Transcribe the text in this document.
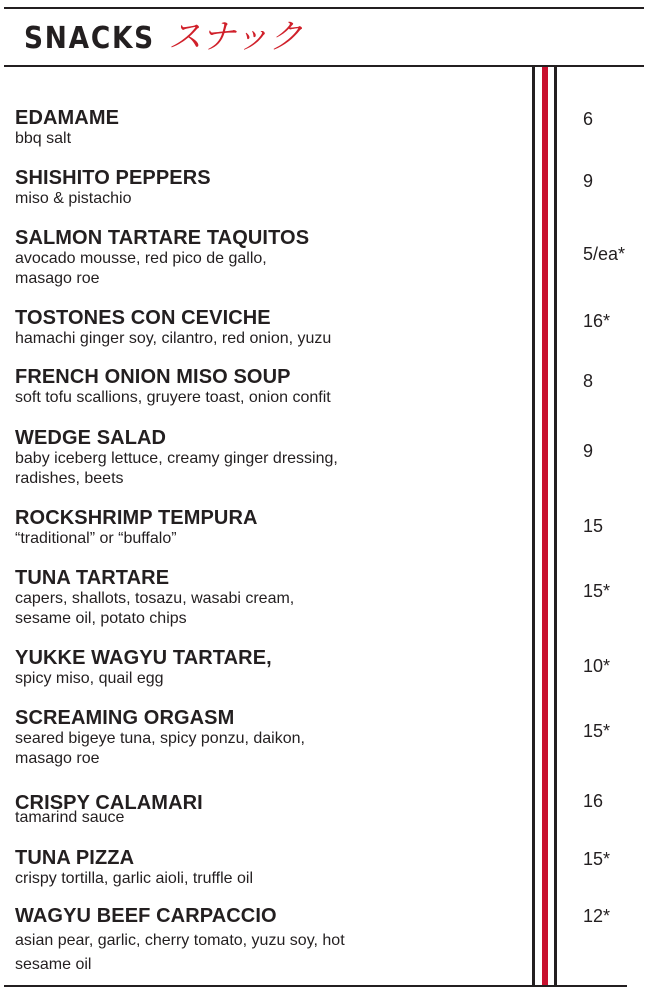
SNACKS スナック
EDAMAME
bbq salt
6
SHISHITO PEPPERS
miso & pistachio
9
SALMON TARTARE TAQUITOS
avocado mousse, red pico de gallo,
masago roe
5/ea*
TOSTONES CON CEVICHE
hamachi ginger soy, cilantro, red onion, yuzu
16*
FRENCH ONION MISO SOUP
soft tofu scallions, gruyere toast, onion confit
8
WEDGE SALAD
baby iceberg lettuce, creamy ginger dressing,
radishes, beets
9
ROCKSHRIMP TEMPURA
“traditional” or “buffalo”
15
TUNA TARTARE
capers, shallots, tosazu, wasabi cream,
sesame oil, potato chips
15*
YUKKE WAGYU TARTARE,
spicy miso, quail egg
10*
SCREAMING ORGASM
seared bigeye tuna, spicy ponzu, daikon,
masago roe
15*
CRISPY CALAMARI
tamarind sauce
16
TUNA PIZZA
crispy tortilla, garlic aioli, truffle oil
15*
WAGYU BEEF CARPACCIO
asian pear, garlic, cherry tomato, yuzu soy, hot
sesame oil
12*
